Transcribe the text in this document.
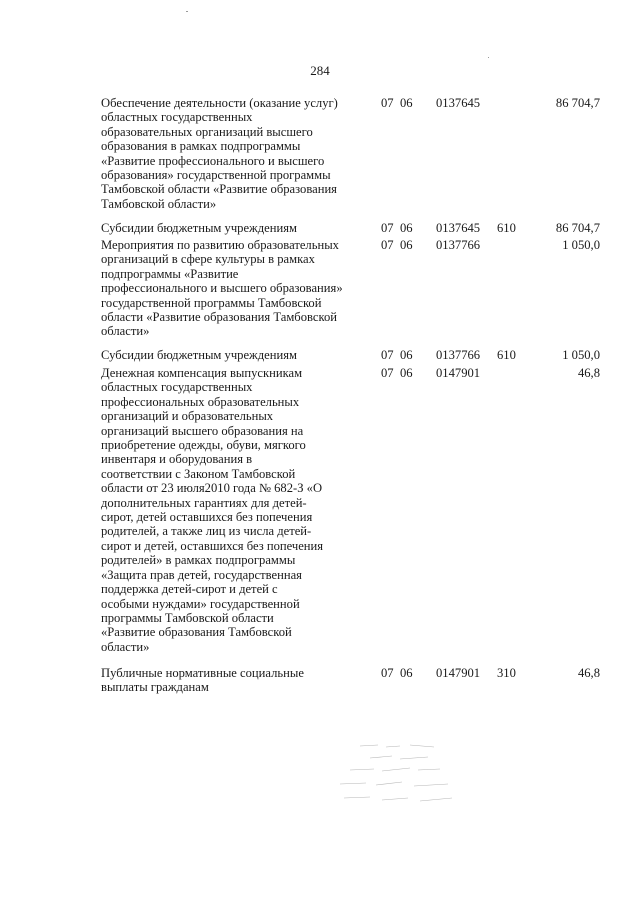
284
Обеспечение деятельности (оказание услуг)
областных государственных
образовательных организаций высшего
образования в рамках подпрограммы
«Развитие профессионального и высшего
образования» государственной программы
Тамбовской области «Развитие образования
Тамбовской области»
07 06 0137645	86 704,7
Субсидии бюджетным учреждениям	07 06 0137645 610	86 704,7
Мероприятия по развитию образовательных
организаций в сфере культуры в рамках
подпрограммы «Развитие
профессионального и высшего образования»
государственной программы Тамбовской
области «Развитие образования Тамбовской
области»
07 06 0137766	1 050,0
Субсидии бюджетным учреждениям	07 06 0137766 610	1 050,0
Денежная компенсация выпускникам
областных государственных
профессиональных образовательных
организаций и образовательных
организаций высшего образования на
приобретение одежды, обуви, мягкого
инвентаря и оборудования в
соответствии с Законом Тамбовской
области от 23 июля2010 года № 682-З «О
дополнительных гарантиях для детей-
сирот, детей оставшихся без попечения
родителей, а также лиц из числа детей-
сирот и детей, оставшихся без попечения
родителей» в рамках подпрограммы
«Защита прав детей, государственная
поддержка детей-сирот и детей с
особыми нуждами» государственной
программы Тамбовской области
«Развитие образования Тамбовской
области»
07 06 0147901	46,8
Публичные нормативные социальные
выплаты гражданам
07 06 0147901 310	46,8
